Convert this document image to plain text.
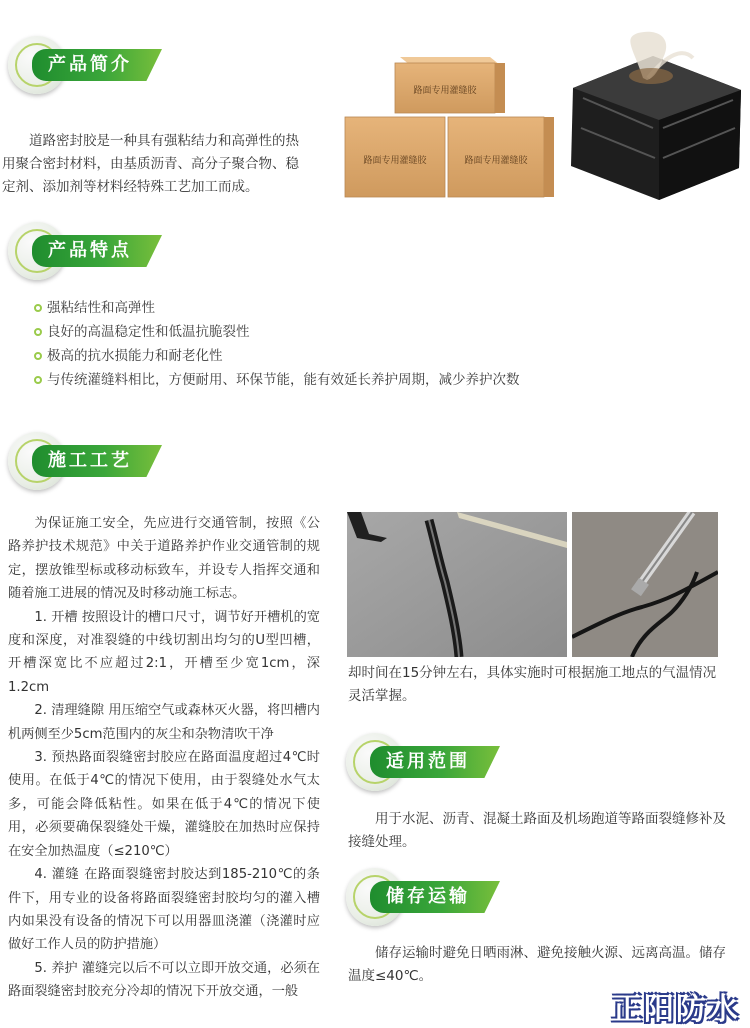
产品简介
道路密封胶是一种具有强粘结力和高弹性的热用聚合密封材料，由基质沥青、高分子聚合物、稳定剂、添加剂等材料经特殊工艺加工而成。
路面专用灌缝胶
路面专用灌缝胶	路面专用灌缝胶
产品特点
强粘结性和高弹性
良好的高温稳定性和低温抗脆裂性
极高的抗水损能力和耐老化性
与传统灌缝料相比，方便耐用、环保节能，能有效延长养护周期，减少养护次数
施工工艺

为保证施工安全，先应进行交通管制，按照《公路养护技术规范》中关于道路养护作业交通管制的规定，摆放锥型标或移动标致车，并设专人指挥交通和随着施工进展的情况及时移动施工标志。

1. 开槽 按照设计的槽口尺寸，调节好开槽机的宽度和深度，对准裂缝的中线切割出均匀的U型凹槽，开槽深宽比不应超过2:1，开槽至少宽1cm，深1.2cm

2. 清理缝隙 用压缩空气或森林灭火器，将凹槽内机两侧至少5cm范围内的灰尘和杂物清吹干净

3. 预热路面裂缝密封胶应在路面温度超过4℃时使用。在低于4℃的情况下使用，由于裂缝处水气太多，可能会降低粘性。如果在低于4℃的情况下使用，必须要确保裂缝处干燥，灌缝胶在加热时应保持在安全加热温度（≤210℃）

4. 灌缝 在路面裂缝密封胶达到185-210℃的条件下，用专业的设备将路面裂缝密封胶均匀的灌入槽内如果没有设备的情况下可以用器皿浇灌（浇灌时应做好工作人员的防护措施）

5. 养护 灌缝完以后不可以立即开放交通，必须在路面裂缝密封胶充分冷却的情况下开放交通，一般

却时间在15分钟左右，具体实施时可根据施工地点的气温情况灵活掌握。
适用范围
用于水泥、沥青、混凝土路面及机场跑道等路面裂缝修补及接缝处理。
储存运输
储存运输时避免日晒雨淋、避免接触火源、远离高温。储存温度≤40℃。
正阳防水
